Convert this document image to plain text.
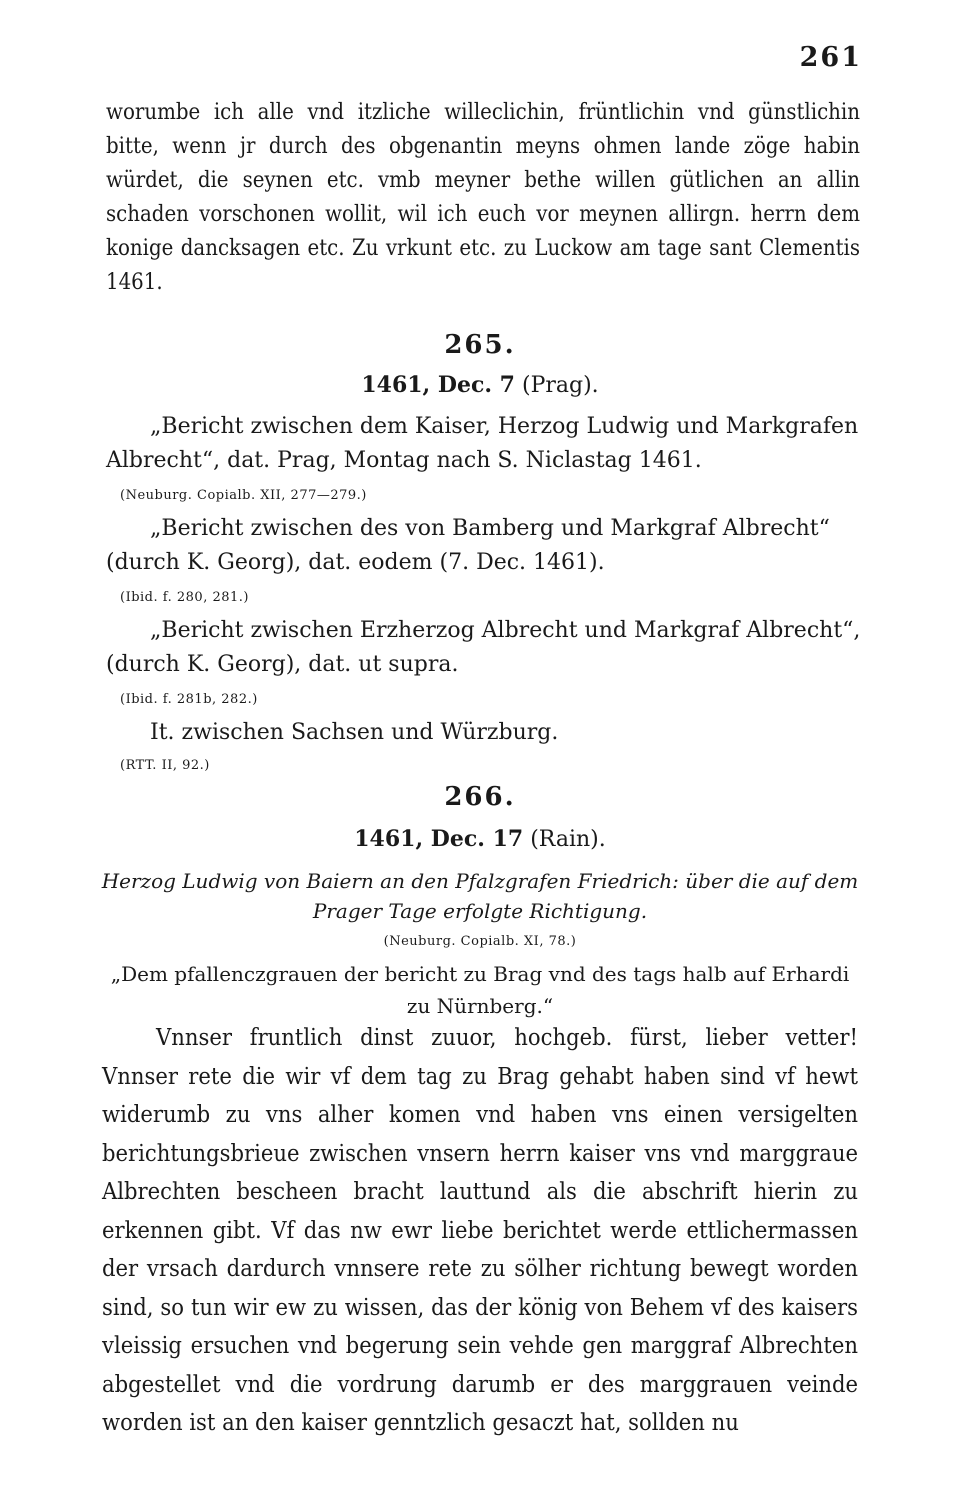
261

worumbe ich alle vnd itzliche willeclichin, früntlichin vnd günstlichin bitte, wenn jr durch des obgenantin meyns ohmen lande zöge habin würdet, die seynen etc. vmb meyner bethe willen gütlichen an allin schaden vorschonen wollit, wil ich euch vor meynen allirgn. herrn dem konige dancksagen etc. Zu vrkunt etc. zu Luckow am tage sant Clementis 1461.

265.
1461, Dec. 7 (Prag).
„Bericht zwischen dem Kaiser, Herzog Ludwig und Markgrafen
Albrecht“, dat. Prag, Montag nach S. Niclastag 1461.
(Neuburg. Copialb. XII, 277—279.)
„Bericht zwischen des von Bamberg und Markgraf Albrecht“
(durch K. Georg), dat. eodem (7. Dec. 1461).
(Ibid. f. 280, 281.)
„Bericht zwischen Erzherzog Albrecht und Markgraf Albrecht“,
(durch K. Georg), dat. ut supra.
(Ibid. f. 281b, 282.)
It. zwischen Sachsen und Würzburg.
(RTT. II, 92.)
266.
1461, Dec. 17 (Rain).
Herzog Ludwig von Baiern an den Pfalzgrafen Friedrich: über die auf dem
Prager Tage erfolgte Richtigung.
(Neuburg. Copialb. XI, 78.)
„Dem pfallenczgrauen der bericht zu Brag vnd des tags halb auf Erhardi zu Nürnberg.“

Vnnser fruntlich dinst zuuor, hochgeb. fürst, lieber vetter! Vnnser rete die wir vf dem tag zu Brag gehabt haben sind vf hewt widerumb zu vns alher komen vnd haben vns einen versigelten berichtungsbrieue zwischen vnsern herrn kaiser vns vnd marggraue Albrechten bescheen bracht lauttund als die abschrift hierin zu erkennen gibt. Vf das nw ewr liebe berichtet werde ettlichermassen der vrsach dardurch vnnsere rete zu sölher richtung bewegt worden sind, so tun wir ew zu wissen, das der könig von Behem vf des kaisers vleissig ersuchen vnd begerung sein vehde gen marggraf Albrechten abgestellet vnd die vordrung darumb er des marggrauen veinde worden ist an den kaiser genntzlich gesaczt hat, sollden nu
